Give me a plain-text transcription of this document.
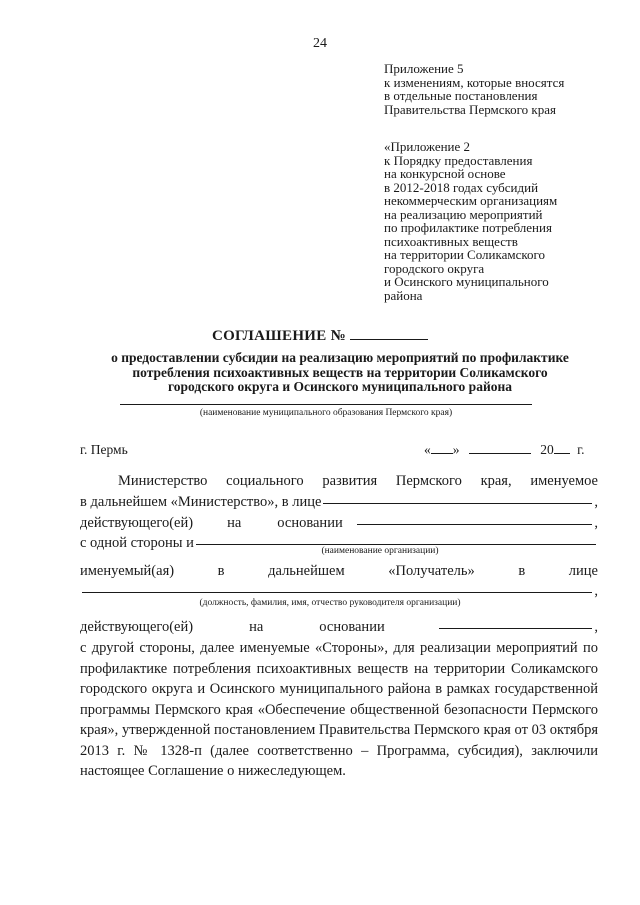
24
Приложение 5
к изменениям, которые вносятся
в отдельные постановления
Правительства Пермского края
«Приложение 2
к Порядку предоставления
на конкурсной основе
в 2012-2018 годах субсидий
некоммерческим организациям
на реализацию мероприятий
по профилактике потребления
психоактивных веществ
на территории Соликамского
городского округа
и Осинского муниципального
района
СОГЛАШЕНИЕ №
о предоставлении субсидии на реализацию мероприятий по профилактике
потребления психоактивных веществ на территории Соликамского
городского округа и Осинского муниципального района
(наименование муниципального образования Пермского края)
г. Пермь	« »	20 г.
Министерство социального развития Пермского края, именуемое
в дальнейшем «Министерство», в лице	,
действующего(ей) на основании	,
с одной стороны и	(наименование организации)
именуемый(ая)	в	дальнейшем	«Получатель»	в	лице
,
(должность, фамилия, имя, отчество руководителя организации)
действующего(ей)	на	основании	,
с другой стороны, далее именуемые «Стороны», для реализации мероприятий по профилактике потребления психоактивных веществ на территории Соликамского городского округа и Осинского муниципального района в рамках государственной программы Пермского края «Обеспечение общественной безопасности Пермского края», утвержденной постановлением Правительства Пермского края от 03 октября 2013 г. № 1328-п (далее соответственно – Программа, субсидия), заключили настоящее Соглашение о нижеследующем.
